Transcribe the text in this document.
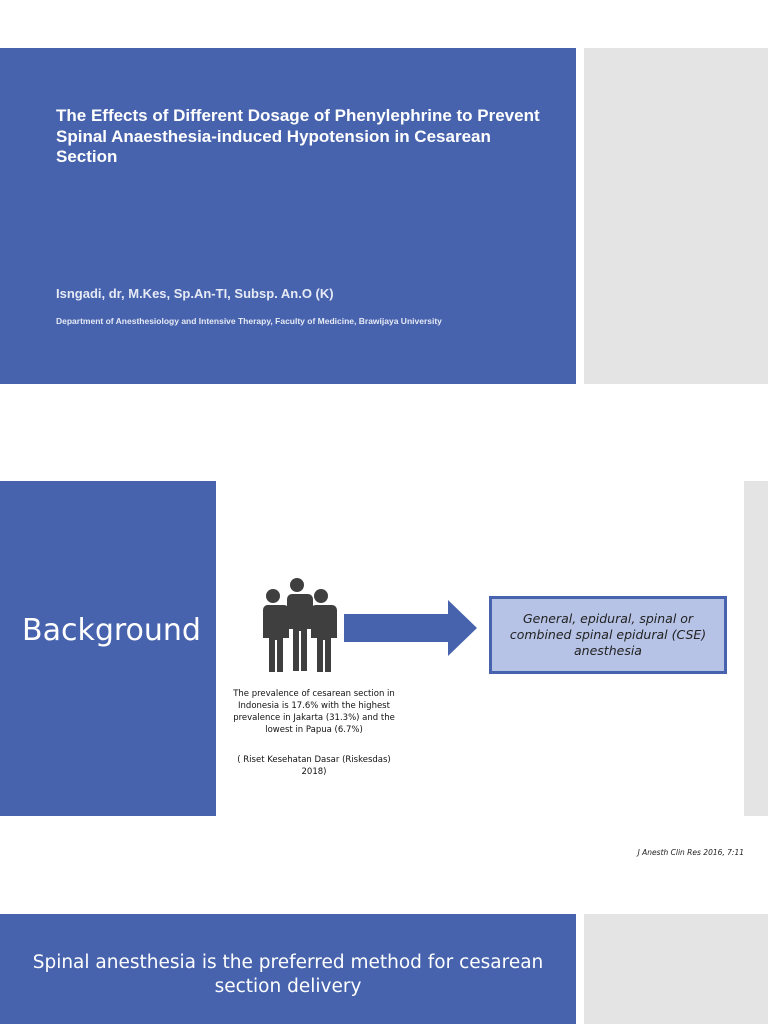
The Effects of Different Dosage of Phenylephrine to Prevent Spinal Anaesthesia-induced Hypotension in Cesarean Section
Isngadi, dr, M.Kes, Sp.An-TI, Subsp. An.O (K)
Department of Anesthesiology and Intensive Therapy, Faculty of Medicine, Brawijaya University
Background	General, epidural, spinal or combined spinal epidural (CSE) anesthesia
The prevalence of cesarean section in Indonesia is 17.6% with the highest prevalence in Jakarta (31.3%) and the lowest in Papua (6.7%)
( Riset Kesehatan Dasar (Riskesdas) 2018)
J Anesth Clin Res 2016, 7:11
Spinal anesthesia is the preferred method for cesarean section delivery
